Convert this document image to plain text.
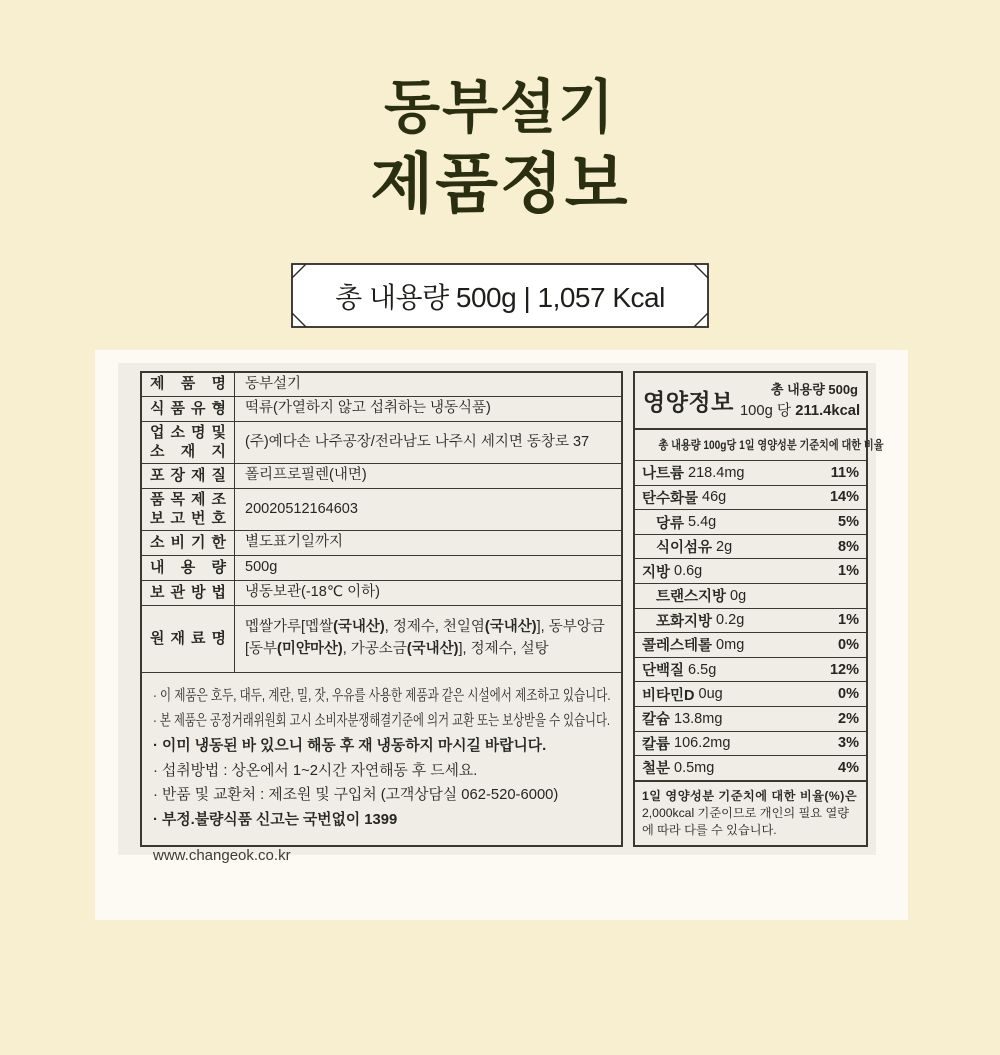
동부설기
제품정보
총 내용량 500g | 1,057 Kcal
제 품 명 동부설기
식 품 유 형 떡류(가열하지 않고 섭취하는 냉동식품)
업 소 명 및
소 재 지
(주)예다손 나주공장/전라남도 나주시 세지면 동창로 37
포 장 재 질 폴리프로필렌(내면)
품 목 제 조
보 고 번 호
20020512164603
소 비 기 한 별도표기일까지
내 용 량 500g
보 관 방 법 냉동보관(-18℃ 이하)
원 재 료 명
멥쌀가루[멥쌀(국내산), 정제수, 천일염(국내산)], 동부앙금[동부(미얀마산), 가공소금(국내산)], 정제수, 설탕
· 이 제품은 호두, 대두, 계란, 밀, 잣, 우유를 사용한 제품과 같은 시설에서 제조하고 있습니다.
· 본 제품은 공정거래위원회 고시 소비자분쟁해결기준에 의거 교환 또는 보상받을 수 있습니다.
· 이미 냉동된 바 있으니 해동 후 재 냉동하지 마시길 바랍니다.
· 섭취방법 : 상온에서 1~2시간 자연해동 후 드세요.
· 반품 및 교환처 : 제조원 및 구입처 (고객상담실 062-520-6000)
· 부정.불량식품 신고는 국번없이 1399
www.changeok.co.kr
영양정보	총 내용량 500g
100g 당 211.4kcal
총 내용량 100g당 1일 영양성분 기준치에 대한 비율
나트륨 218.4mg	11%
탄수화물 46g	14%
당류 5.4g	5%
식이섬유 2g	8%
지방 0.6g	1%
트랜스지방 0g
포화지방 0.2g	1%
콜레스테롤 0mg	0%
단백질 6.5g	12%
비타민D 0ug	0%
칼슘 13.8mg	2%
칼륨 106.2mg	3%
철분 0.5mg	4%
1일 영양성분 기준치에 대한 비율(%)은 2,000kcal 기준이므로 개인의 필요 열량에 따라 다를 수 있습니다.
